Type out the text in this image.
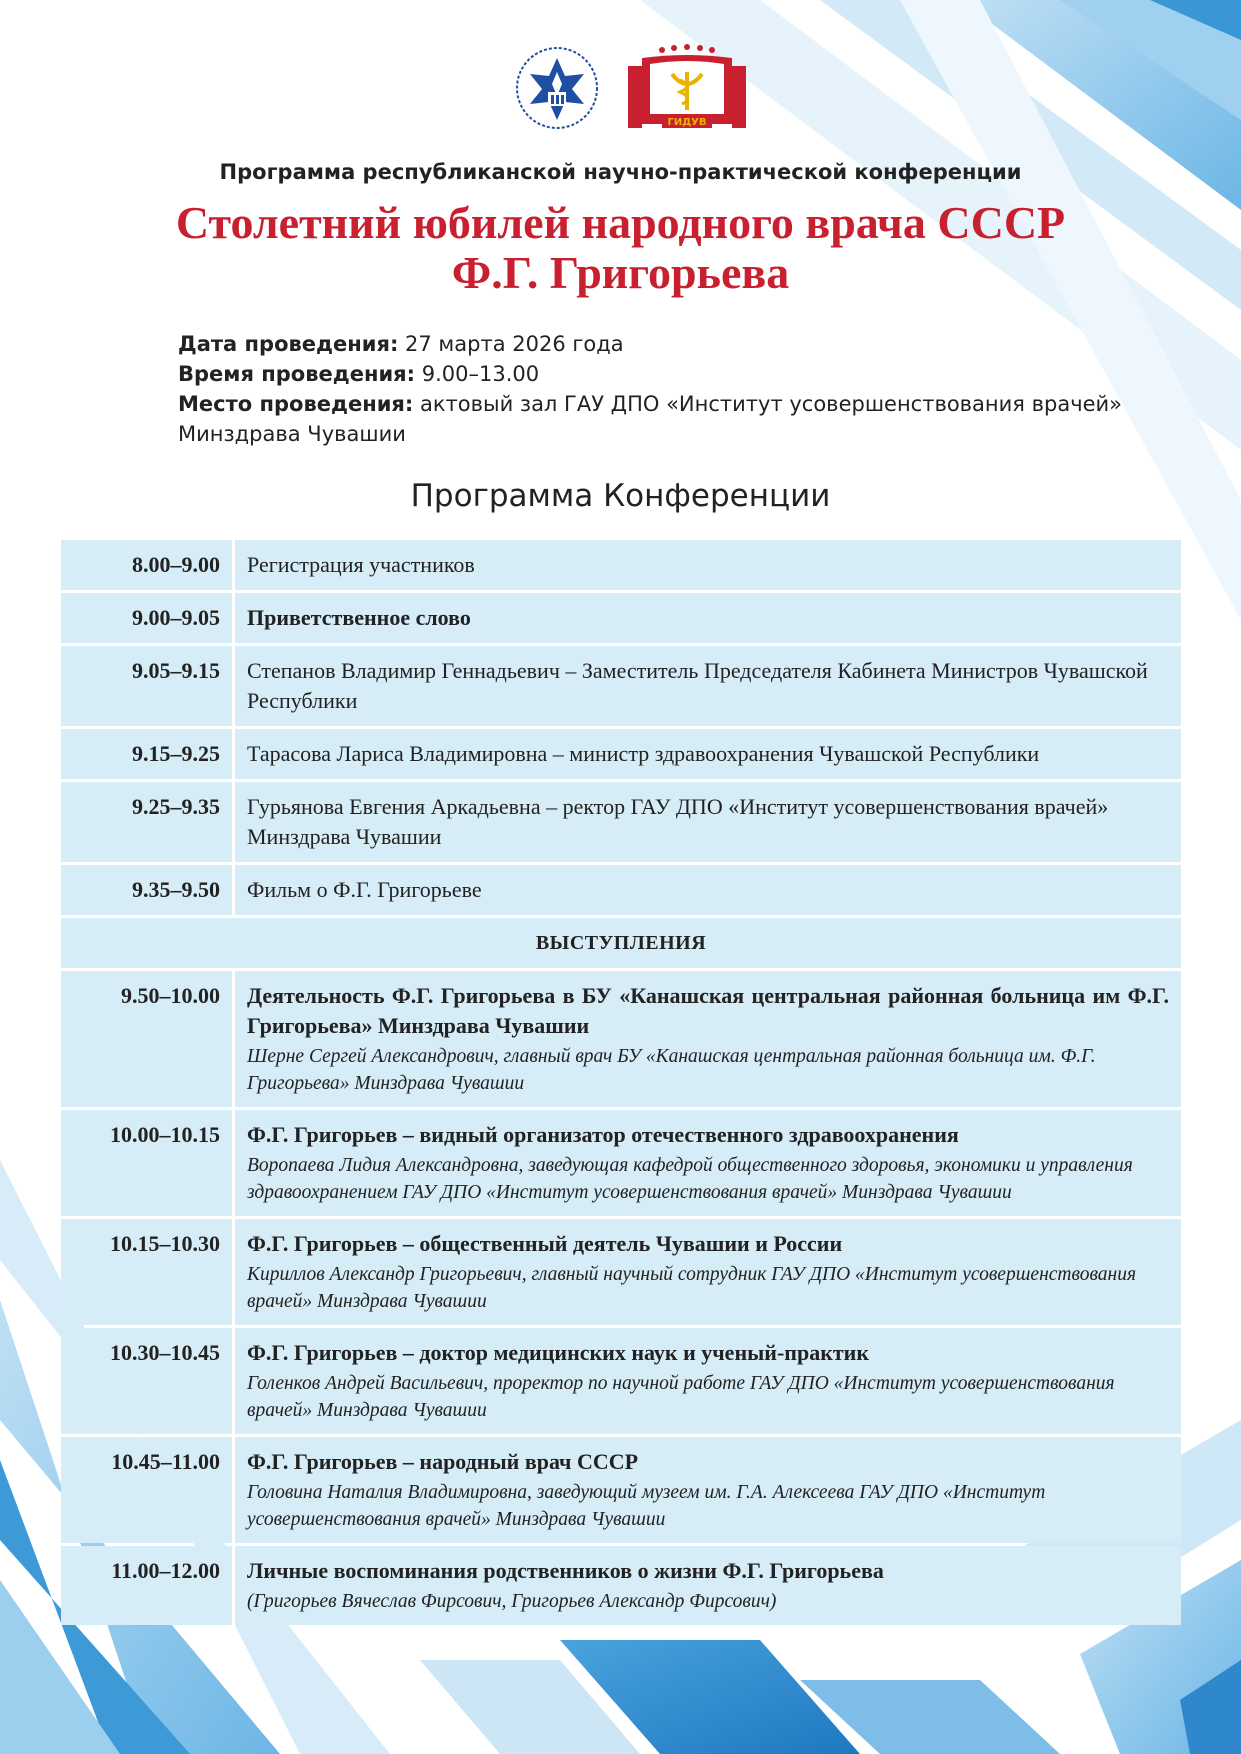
ГИДУВ
Программа республиканской научно-практической конференции
Столетний юбилей народного врача СССР
Ф.Г. Григорьева
Дата проведения: 27 марта 2026 года
Время проведения: 9.00–13.00
Место проведения: актовый зал ГАУ ДПО «Институт усовершенствования врачей» Минздрава Чувашии
Программа Конференции
8.00–9.00	Регистрация участников
9.00–9.05	Приветственное слово
9.05–9.15	Степанов Владимир Геннадьевич – Заместитель Председателя Кабинета Министров Чувашской Республики
9.15–9.25	Тарасова Лариса Владимировна – министр здравоохранения Чувашской Республики
9.25–9.35	Гурьянова Евгения Аркадьевна – ректор ГАУ ДПО «Институт усовершенствования врачей» Минздрава Чувашии
9.35–9.50	Фильм о Ф.Г. Григорьеве
ВЫСТУПЛЕНИЯ	
9.50–10.00	Деятельность Ф.Г. Григорьева в БУ «Канашская центральная районная больница им Ф.Г. Григорьева» Минздрава Чувашии
Шерне Сергей Александрович, главный врач БУ «Канашская центральная районная больница им. Ф.Г. Григорьева» Минздрава Чувашии

10.00–10.15	Ф.Г. Григорьев – видный организатор отечественного здравоохранения
Воропаева Лидия Александровна, заведующая кафедрой общественного здоровья, экономики и управления здравоохранением ГАУ ДПО «Институт усовершенствования врачей» Минздрава Чувашии

10.15–10.30	Ф.Г. Григорьев – общественный деятель Чувашии и России
Кириллов Александр Григорьевич, главный научный сотрудник ГАУ ДПО «Институт усовершенствования врачей» Минздрава Чувашии

10.30–10.45	Ф.Г. Григорьев – доктор медицинских наук и ученый-практик
Голенков Андрей Васильевич, проректор по научной работе ГАУ ДПО «Институт усовершенствования врачей» Минздрава Чувашии

10.45–11.00	Ф.Г. Григорьев – народный врач СССР
Головина Наталия Владимировна, заведующий музеем им. Г.А. Алексеева ГАУ ДПО «Институт усовершенствования врачей» Минздрава Чувашии

11.00–12.00	Личные воспоминания родственников о жизни Ф.Г. Григорьева
(Григорьев Вячеслав Фирсович, Григорьев Александр Фирсович)
